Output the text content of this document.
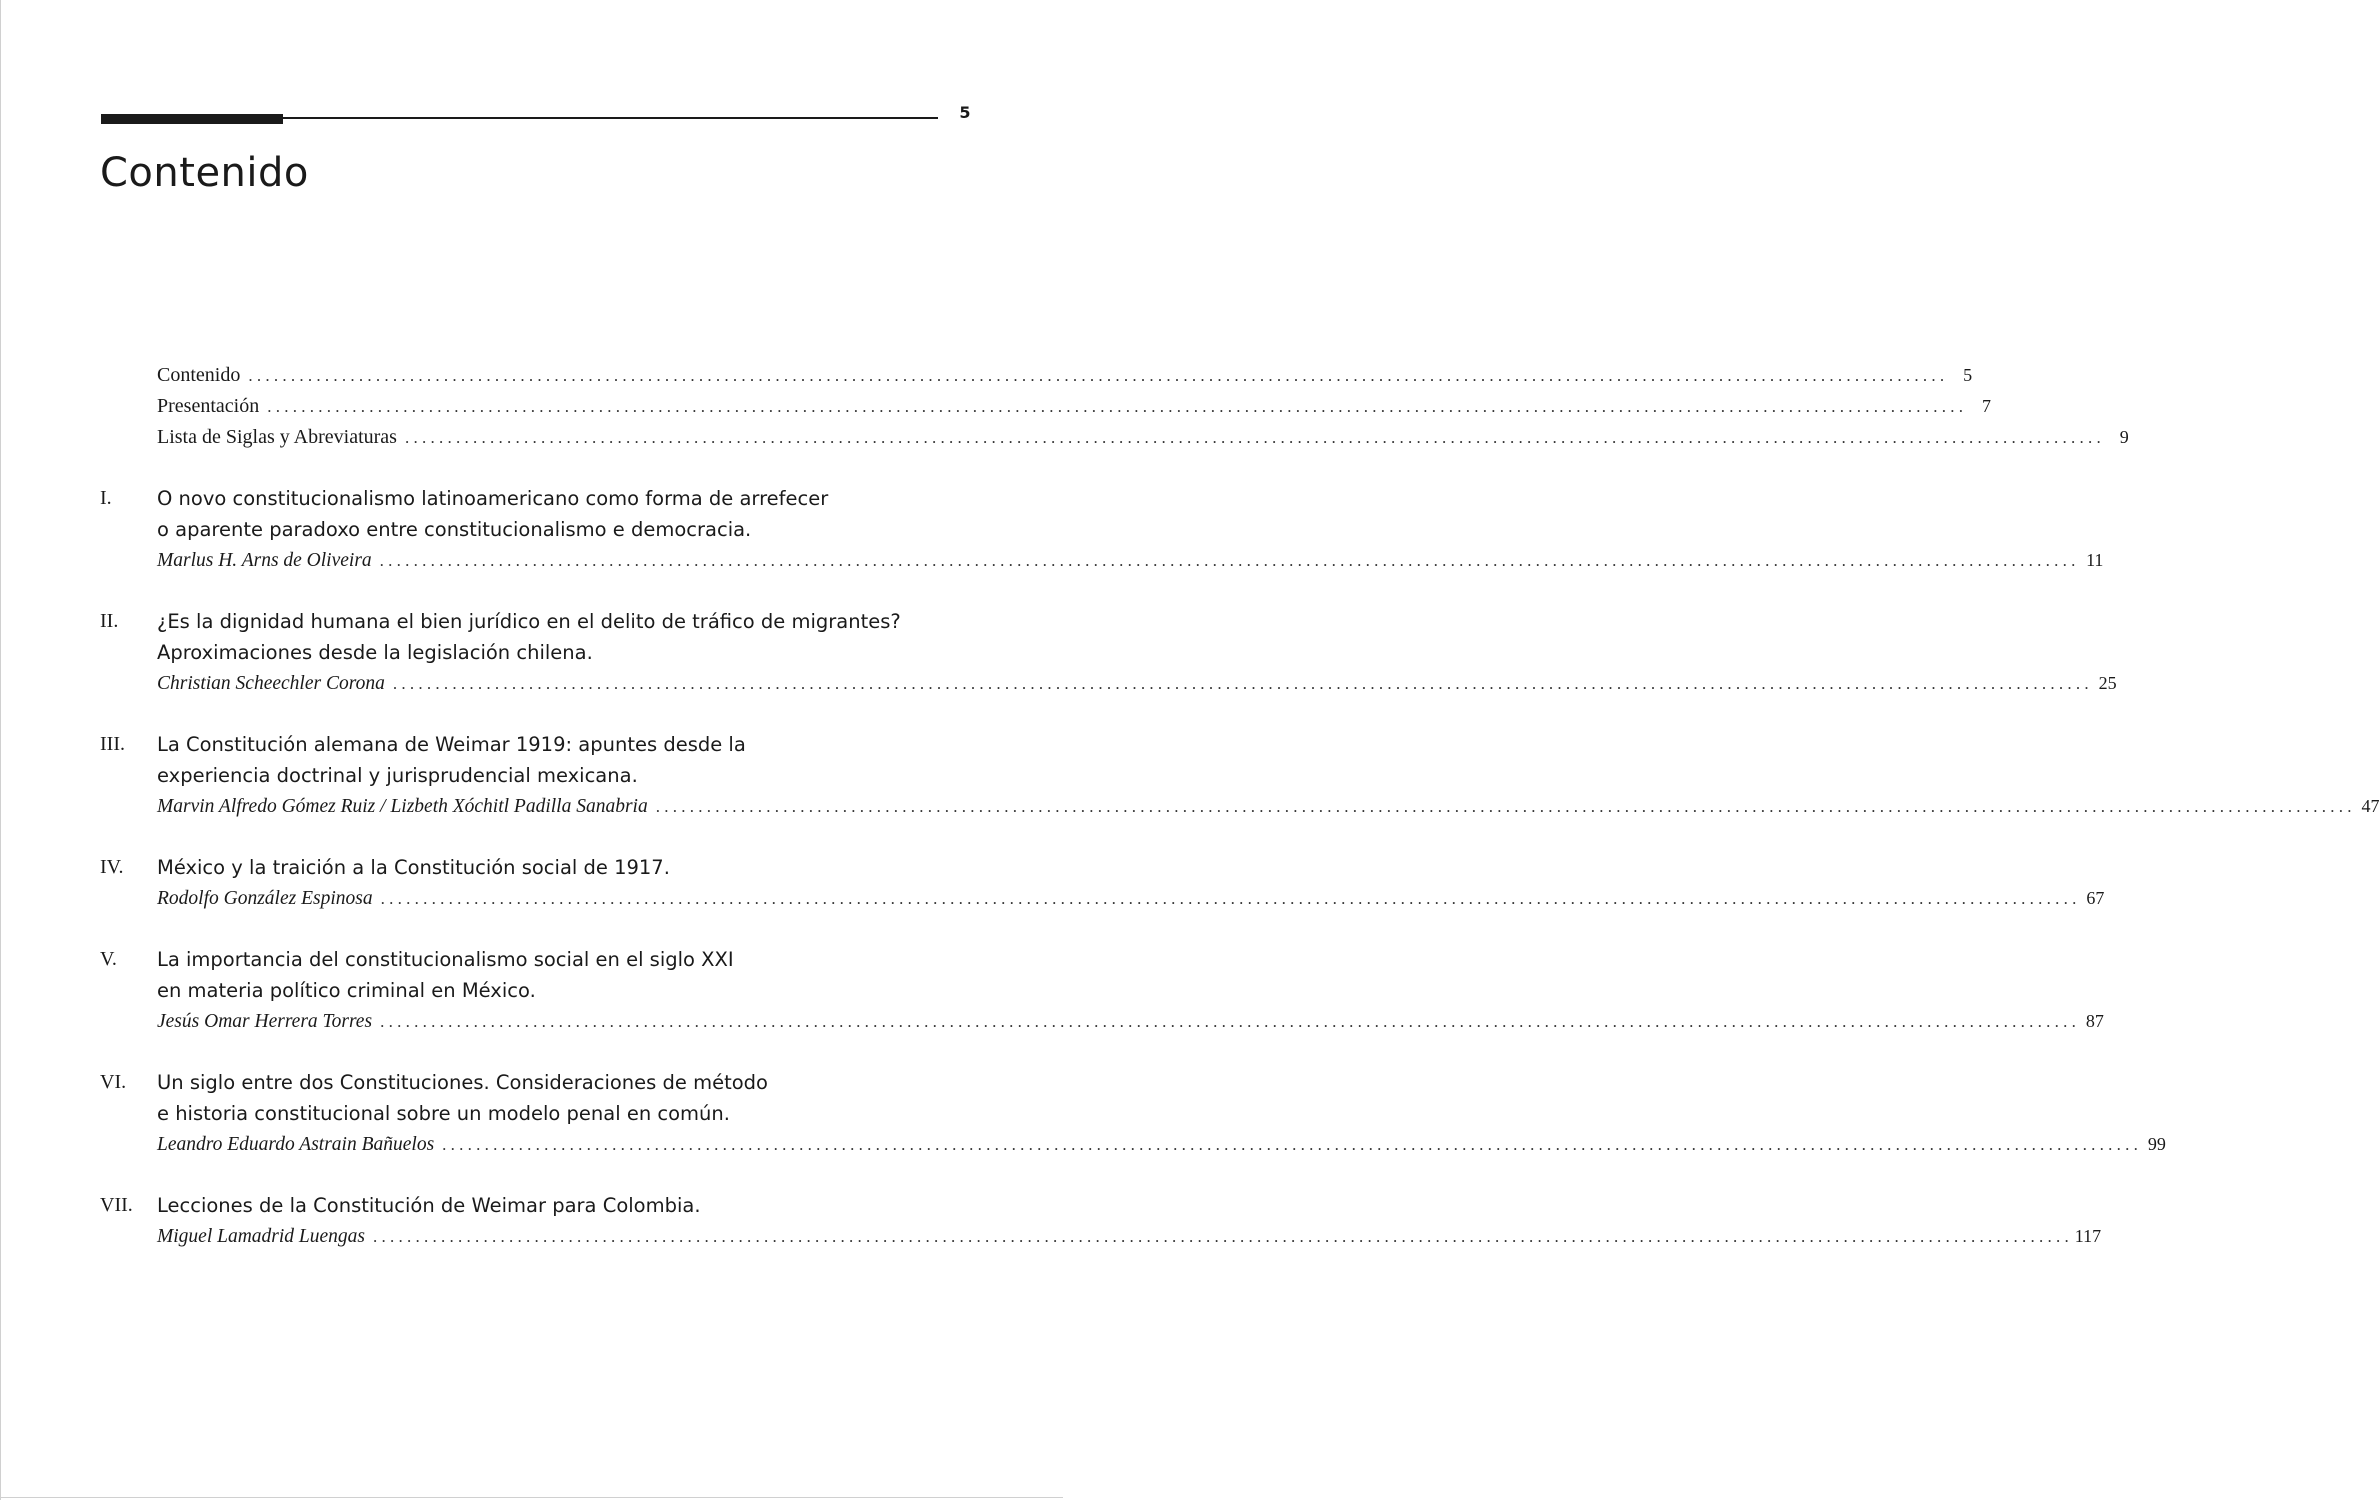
5
Contenido
Contenido . . . . . . . . . . . . . . . . . . . . . . . . . . . . . . . . . . . . . . . . . . . . . . . . . . . . . . . . . . . . . . . . . . . . . . . . . . . . . . . . . . . . . . . . . . . . . . . . . . . . . . . . . . . . . . . . . . . . . . . . . . . . . . . . . . . . . . . . . . . . . . . . . . . . . . . . . . . . . . . . . . . . . . . . . . . . . . . . . . . . . . . . . . . . . . . . . . . . . . . .	5
Presentación . . . . . . . . . . . . . . . . . . . . . . . . . . . . . . . . . . . . . . . . . . . . . . . . . . . . . . . . . . . . . . . . . . . . . . . . . . . . . . . . . . . . . . . . . . . . . . . . . . . . . . . . . . . . . . . . . . . . . . . . . . . . . . . . . . . . . . . . . . . . . . . . . . . . . . . . . . . . . . . . . . . . . . . . . . . . . . . . . . . . . . . . . . . . . . . . . . . . . . . .	7
Lista de Siglas y Abreviaturas . . . . . . . . . . . . . . . . . . . . . . . . . . . . . . . . . . . . . . . . . . . . . . . . . . . . . . . . . . . . . . . . . . . . . . . . . . . . . . . . . . . . . . . . . . . . . . . . . . . . . . . . . . . . . . . . . . . . . . . . . . . . . . . . . . . . . . . . . . . . . . . . . . . . . . . . . . . . . . . . . . . . . . . . . . . . . . . . . . . . . . . . . . . . . . . . . . . . . . . .	9
I. O novo constitucionalismo latinoamericano como forma de arrefecer
o aparente paradoxo entre constitucionalismo e democracia.
Marlus H. Arns de Oliveira . . . . . . . . . . . . . . . . . . . . . . . . . . . . . . . . . . . . . . . . . . . . . . . . . . . . . . . . . . . . . . . . . . . . . . . . . . . . . . . . . . . . . . . . . . . . . . . . . . . . . . . . . . . . . . . . . . . . . . . . . . . . . . . . . . . . . . . . . . . . . . . . . . . . . . . . . . . . . . . . . . . . . . . . . . . . . . . . . . . . . . . . . . . . . . . . . . . . . . . . 11
II. ¿Es la dignidad humana el bien jurídico en el delito de tráfico de migrantes?
Aproximaciones desde la legislación chilena.
Christian Scheechler Corona . . . . . . . . . . . . . . . . . . . . . . . . . . . . . . . . . . . . . . . . . . . . . . . . . . . . . . . . . . . . . . . . . . . . . . . . . . . . . . . . . . . . . . . . . . . . . . . . . . . . . . . . . . . . . . . . . . . . . . . . . . . . . . . . . . . . . . . . . . . . . . . . . . . . . . . . . . . . . . . . . . . . . . . . . . . . . . . . . . . . . . . . . . . . . . . . . . . . . . . . 25
III. La Constitución alemana de Weimar 1919: apuntes desde la
experiencia doctrinal y jurisprudencial mexicana.
Marvin Alfredo Gómez Ruiz / Lizbeth Xóchitl Padilla Sanabria . . . . . . . . . . . . . . . . . . . . . . . . . . . . . . . . . . . . . . . . . . . . . . . . . . . . . . . . . . . . . . . . . . . . . . . . . . . . . . . . . . . . . . . . . . . . . . . . . . . . . . . . . . . . . . . . . . . . . . . . . . . . . . . . . . . . . . . . . . . . . . . . . . . . . . . . . . . . . . . . . . . . . . . . . . . . . . . . . . . . . . . . . . . . . . . . . . . . . . . . 47
IV. México y la traición a la Constitución social de 1917.
Rodolfo González Espinosa . . . . . . . . . . . . . . . . . . . . . . . . . . . . . . . . . . . . . . . . . . . . . . . . . . . . . . . . . . . . . . . . . . . . . . . . . . . . . . . . . . . . . . . . . . . . . . . . . . . . . . . . . . . . . . . . . . . . . . . . . . . . . . . . . . . . . . . . . . . . . . . . . . . . . . . . . . . . . . . . . . . . . . . . . . . . . . . . . . . . . . . . . . . . . . . . . . . . . . . . 67
V. La importancia del constitucionalismo social en el siglo XXI
en materia político criminal en México.
Jesús Omar Herrera Torres . . . . . . . . . . . . . . . . . . . . . . . . . . . . . . . . . . . . . . . . . . . . . . . . . . . . . . . . . . . . . . . . . . . . . . . . . . . . . . . . . . . . . . . . . . . . . . . . . . . . . . . . . . . . . . . . . . . . . . . . . . . . . . . . . . . . . . . . . . . . . . . . . . . . . . . . . . . . . . . . . . . . . . . . . . . . . . . . . . . . . . . . . . . . . . . . . . . . . . . . 87
VI. Un siglo entre dos Constituciones. Consideraciones de método
e historia constitucional sobre un modelo penal en común.
Leandro Eduardo Astrain Bañuelos . . . . . . . . . . . . . . . . . . . . . . . . . . . . . . . . . . . . . . . . . . . . . . . . . . . . . . . . . . . . . . . . . . . . . . . . . . . . . . . . . . . . . . . . . . . . . . . . . . . . . . . . . . . . . . . . . . . . . . . . . . . . . . . . . . . . . . . . . . . . . . . . . . . . . . . . . . . . . . . . . . . . . . . . . . . . . . . . . . . . . . . . . . . . . . . . . . . . . . . . 99
VII. Lecciones de la Constitución de Weimar para Colombia.
Miguel Lamadrid Luengas . . . . . . . . . . . . . . . . . . . . . . . . . . . . . . . . . . . . . . . . . . . . . . . . . . . . . . . . . . . . . . . . . . . . . . . . . . . . . . . . . . . . . . . . . . . . . . . . . . . . . . . . . . . . . . . . . . . . . . . . . . . . . . . . . . . . . . . . . . . . . . . . . . . . . . . . . . . . . . . . . . . . . . . . . . . . . . . . . . . . . . . . . . . . . . . . . . . . . . . . 117
